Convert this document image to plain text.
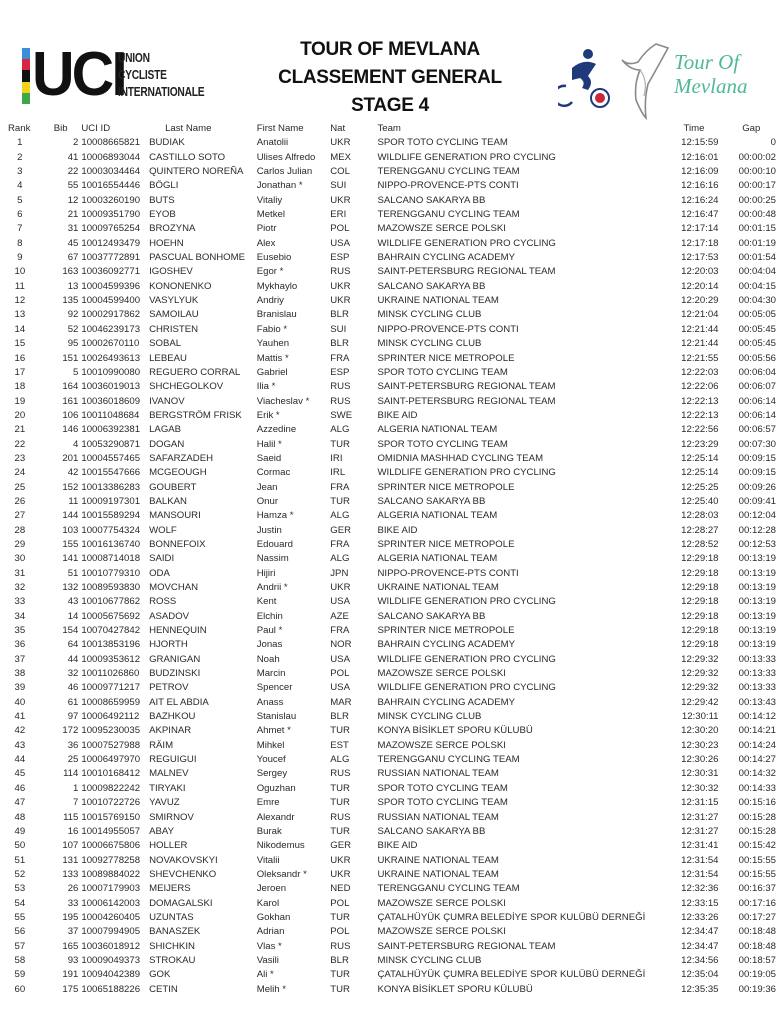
UCI
UNION
CYCLISTE
INTERNATIONALE
TOUR OF MEVLANA
CLASSEMENT GENERAL
STAGE 4
Tour Of
Mevlana
Rank	Bib	UCI ID	Last Name	First Name	Nat	Team	Time	Gap
1	2	10008665821	BUDIAK	Anatolii	UKR	SPOR TOTO CYCLING TEAM	12:15:59	0
2	41	10006893044	CASTILLO SOTO	Ulises Alfredo	MEX	WILDLIFE GENERATION PRO CYCLING	12:16:01	00:00:02
3	22	10003034464	QUINTERO NOREÑA	Carlos Julian	COL	TERENGGANU CYCLING TEAM	12:16:09	00:00:10
4	55	10016554446	BÖGLI	Jonathan *	SUI	NIPPO-PROVENCE-PTS CONTI	12:16:16	00:00:17
5	12	10003260190	BUTS	Vitaliy	UKR	SALCANO SAKARYA BB	12:16:24	00:00:25
6	21	10009351790	EYOB	Metkel	ERI	TERENGGANU CYCLING TEAM	12:16:47	00:00:48
7	31	10009765254	BROZYNA	Piotr	POL	MAZOWSZE SERCE POLSKI	12:17:14	00:01:15
8	45	10012493479	HOEHN	Alex	USA	WILDLIFE GENERATION PRO CYCLING	12:17:18	00:01:19
9	67	10037772891	PASCUAL BONHOME	Eusebio	ESP	BAHRAIN CYCLING ACADEMY	12:17:53	00:01:54
10	163	10036092771	IGOSHEV	Egor *	RUS	SAINT-PETERSBURG REGIONAL TEAM	12:20:03	00:04:04
11	13	10004599396	KONONENKO	Mykhaylo	UKR	SALCANO SAKARYA BB	12:20:14	00:04:15
12	135	10004599400	VASYLYUK	Andriy	UKR	UKRAINE NATIONAL TEAM	12:20:29	00:04:30
13	92	10002917862	SAMOILAU	Branislau	BLR	MINSK CYCLING CLUB	12:21:04	00:05:05
14	52	10046239173	CHRISTEN	Fabio *	SUI	NIPPO-PROVENCE-PTS CONTI	12:21:44	00:05:45
15	95	10002670110	SOBAL	Yauhen	BLR	MINSK CYCLING CLUB	12:21:44	00:05:45
16	151	10026493613	LEBEAU	Mattis *	FRA	SPRINTER NICE METROPOLE	12:21:55	00:05:56
17	5	10010990080	REGUERO CORRAL	Gabriel	ESP	SPOR TOTO CYCLING TEAM	12:22:03	00:06:04
18	164	10036019013	SHCHEGOLKOV	Ilia *	RUS	SAINT-PETERSBURG REGIONAL TEAM	12:22:06	00:06:07
19	161	10036018609	IVANOV	Viacheslav *	RUS	SAINT-PETERSBURG REGIONAL TEAM	12:22:13	00:06:14
20	106	10011048684	BERGSTRÖM FRISK	Erik *	SWE	BIKE AID	12:22:13	00:06:14
21	146	10006392381	LAGAB	Azzedine	ALG	ALGERIA NATIONAL TEAM	12:22:56	00:06:57
22	4	10053290871	DOGAN	Halil *	TUR	SPOR TOTO CYCLING TEAM	12:23:29	00:07:30
23	201	10004557465	SAFARZADEH	Saeid	IRI	OMIDNIA MASHHAD CYCLING TEAM	12:25:14	00:09:15
24	42	10015547666	MCGEOUGH	Cormac	IRL	WILDLIFE GENERATION PRO CYCLING	12:25:14	00:09:15
25	152	10013386283	GOUBERT	Jean	FRA	SPRINTER NICE METROPOLE	12:25:25	00:09:26
26	11	10009197301	BALKAN	Onur	TUR	SALCANO SAKARYA BB	12:25:40	00:09:41
27	144	10015589294	MANSOURI	Hamza *	ALG	ALGERIA NATIONAL TEAM	12:28:03	00:12:04
28	103	10007754324	WOLF	Justin	GER	BIKE AID	12:28:27	00:12:28
29	155	10016136740	BONNEFOIX	Edouard	FRA	SPRINTER NICE METROPOLE	12:28:52	00:12:53
30	141	10008714018	SAIDI	Nassim	ALG	ALGERIA NATIONAL TEAM	12:29:18	00:13:19
31	51	10010779310	ODA	Hijiri	JPN	NIPPO-PROVENCE-PTS CONTI	12:29:18	00:13:19
32	132	10089593830	MOVCHAN	Andrii *	UKR	UKRAINE NATIONAL TEAM	12:29:18	00:13:19
33	43	10010677862	ROSS	Kent	USA	WILDLIFE GENERATION PRO CYCLING	12:29:18	00:13:19
34	14	10005675692	ASADOV	Elchin	AZE	SALCANO SAKARYA BB	12:29:18	00:13:19
35	154	10070427842	HENNEQUIN	Paul *	FRA	SPRINTER NICE METROPOLE	12:29:18	00:13:19
36	64	10013853196	HJORTH	Jonas	NOR	BAHRAIN CYCLING ACADEMY	12:29:18	00:13:19
37	44	10009353612	GRANIGAN	Noah	USA	WILDLIFE GENERATION PRO CYCLING	12:29:32	00:13:33
38	32	10011026860	BUDZINSKI	Marcin	POL	MAZOWSZE SERCE POLSKI	12:29:32	00:13:33
39	46	10009771217	PETROV	Spencer	USA	WILDLIFE GENERATION PRO CYCLING	12:29:32	00:13:33
40	61	10008659959	AIT EL ABDIA	Anass	MAR	BAHRAIN CYCLING ACADEMY	12:29:42	00:13:43
41	97	10006492112	BAZHKOU	Stanislau	BLR	MINSK CYCLING CLUB	12:30:11	00:14:12
42	172	10095230035	AKPINAR	Ahmet *	TUR	KONYA BİSİKLET SPORU KÜLUBÜ	12:30:20	00:14:21
43	36	10007527988	RÄIM	Mihkel	EST	MAZOWSZE SERCE POLSKI	12:30:23	00:14:24
44	25	10006497970	REGUIGUI	Youcef	ALG	TERENGGANU CYCLING TEAM	12:30:26	00:14:27
45	114	10010168412	MALNEV	Sergey	RUS	RUSSIAN NATIONAL TEAM	12:30:31	00:14:32
46	1	10009822242	TIRYAKI	Oguzhan	TUR	SPOR TOTO CYCLING TEAM	12:30:32	00:14:33
47	7	10010722726	YAVUZ	Emre	TUR	SPOR TOTO CYCLING TEAM	12:31:15	00:15:16
48	115	10015769150	SMIRNOV	Alexandr	RUS	RUSSIAN NATIONAL TEAM	12:31:27	00:15:28
49	16	10014955057	ABAY	Burak	TUR	SALCANO SAKARYA BB	12:31:27	00:15:28
50	107	10006675806	HOLLER	Nikodemus	GER	BIKE AID	12:31:41	00:15:42
51	131	10092778258	NOVAKOVSKYI	Vitalii	UKR	UKRAINE NATIONAL TEAM	12:31:54	00:15:55
52	133	10089884022	SHEVCHENKO	Oleksandr *	UKR	UKRAINE NATIONAL TEAM	12:31:54	00:15:55
53	26	10007179903	MEIJERS	Jeroen	NED	TERENGGANU CYCLING TEAM	12:32:36	00:16:37
54	33	10006142003	DOMAGALSKI	Karol	POL	MAZOWSZE SERCE POLSKI	12:33:15	00:17:16
55	195	10004260405	UZUNTAS	Gokhan	TUR	ÇATALHÜYÜK ÇUMRA BELEDİYE SPOR KULÜBÜ DERNEĞİ	12:33:26	00:17:27
56	37	10007994905	BANASZEK	Adrian	POL	MAZOWSZE SERCE POLSKI	12:34:47	00:18:48
57	165	10036018912	SHICHKIN	Vlas *	RUS	SAINT-PETERSBURG REGIONAL TEAM	12:34:47	00:18:48
58	93	10009049373	STROKAU	Vasili	BLR	MINSK CYCLING CLUB	12:34:56	00:18:57
59	191	10094042389	GOK	Ali *	TUR	ÇATALHÜYÜK ÇUMRA BELEDİYE SPOR KULÜBÜ DERNEĞİ	12:35:04	00:19:05
60	175	10065188226	CETIN	Melih *	TUR	KONYA BİSİKLET SPORU KÜLUBÜ	12:35:35	00:19:36
